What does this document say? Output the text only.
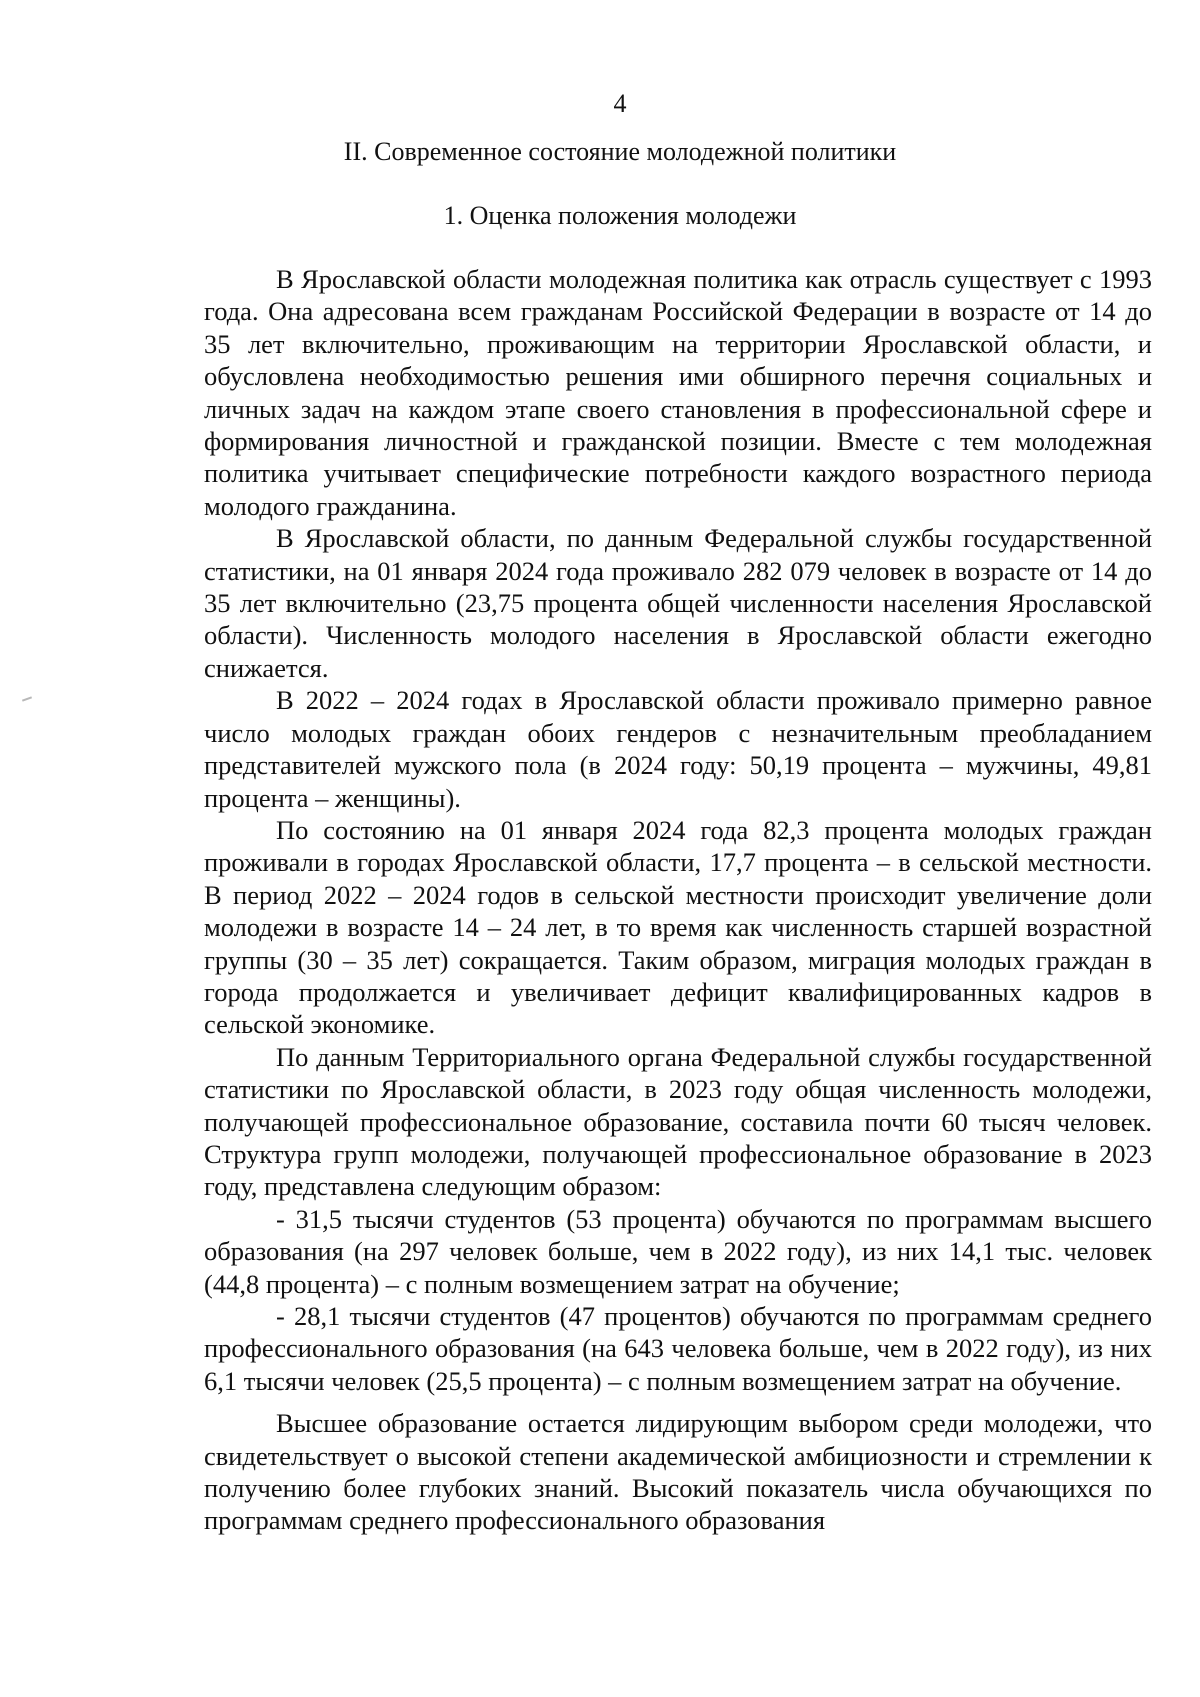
4
II. Современное состояние молодежной политики
1. Оценка положения молодежи

В Ярославской области молодежная политика как отрасль существует с 1993 года. Она адресована всем гражданам Российской Федерации в возрасте от 14 до 35 лет включительно, проживающим на территории Ярославской области, и обусловлена необходимостью решения ими обширного перечня социальных и личных задач на каждом этапе своего становления в профессиональной сфере и формирования личностной и гражданской позиции. Вместе с тем молодежная политика учитывает специфические потребности каждого возрастного периода молодого гражданина.

В Ярославской области, по данным Федеральной службы государственной статистики, на 01 января 2024 года проживало 282 079 человек в возрасте от 14 до 35 лет включительно (23,75 процента общей численности населения Ярославской области). Численность молодого населения в Ярославской области ежегодно снижается.

В 2022 – 2024 годах в Ярославской области проживало примерно равное число молодых граждан обоих гендеров с незначительным преобладанием представителей мужского пола (в 2024 году: 50,19 процента – мужчины, 49,81 процента – женщины).

По состоянию на 01 января 2024 года 82,3 процента молодых граждан проживали в городах Ярославской области, 17,7 процента – в сельской местности. В период 2022 – 2024 годов в сельской местности происходит увеличение доли молодежи в возрасте 14 – 24 лет, в то время как численность старшей возрастной группы (30 – 35 лет) сокращается. Таким образом, миграция молодых граждан в города продолжается и увеличивает дефицит квалифицированных кадров в сельской экономике.

По данным Территориального органа Федеральной службы государственной статистики по Ярославской области, в 2023 году общая численность молодежи, получающей профессиональное образование, составила почти 60 тысяч человек. Структура групп молодежи, получающей профессиональное образование в 2023 году, представлена следующим образом:

- 31,5 тысячи студентов (53 процента) обучаются по программам высшего образования (на 297 человек больше, чем в 2022 году), из них 14,1 тыс. человек (44,8 процента) – с полным возмещением затрат на обучение;

- 28,1 тысячи студентов (47 процентов) обучаются по программам среднего профессионального образования (на 643 человека больше, чем в 2022 году), из них 6,1 тысячи человек (25,5 процента) – с полным возмещением затрат на обучение.

Высшее образование остается лидирующим выбором среди молодежи, что свидетельствует о высокой степени академической амбициозности и стремлении к получению более глубоких знаний. Высокий показатель числа обучающихся по программам среднего профессионального образования
